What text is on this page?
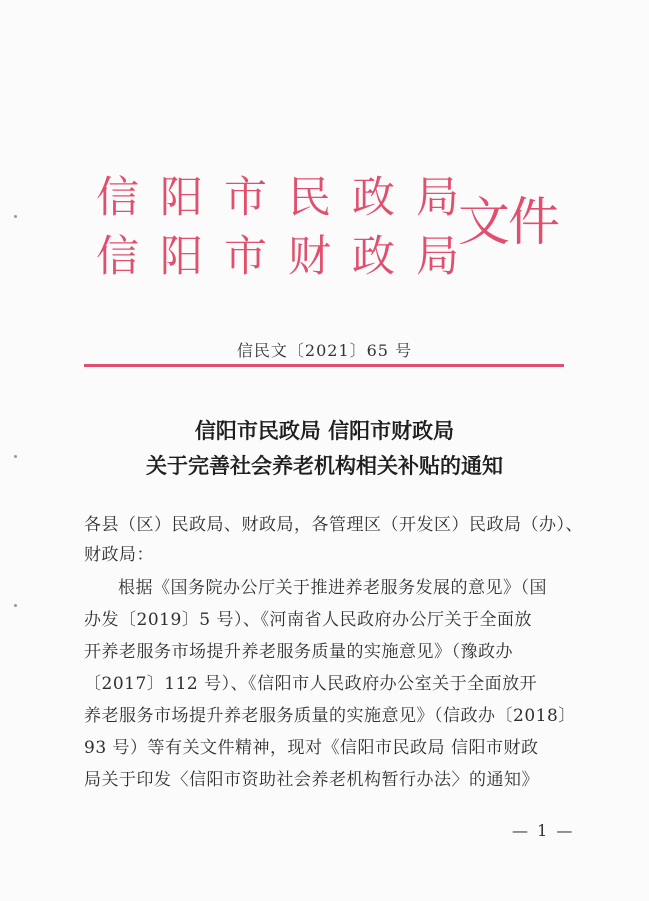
信阳市民政局
信阳市财政局
文件
信民文〔2021〕65 号
信阳市民政局 信阳市财政局
关于完善社会养老机构相关补贴的通知
各县（区）民政局、财政局，各管理区（开发区）民政局（办）、
财政局：
根据《国务院办公厅关于推进养老服务发展的意见》（国
办发〔2019〕5 号）、《河南省人民政府办公厅关于全面放
开养老服务市场提升养老服务质量的实施意见》（豫政办
〔2017〕112 号）、《信阳市人民政府办公室关于全面放开
养老服务市场提升养老服务质量的实施意见》（信政办〔2018〕
93 号）等有关文件精神，现对《信阳市民政局 信阳市财政
局关于印发〈信阳市资助社会养老机构暂行办法〉的通知》
— 1 —
